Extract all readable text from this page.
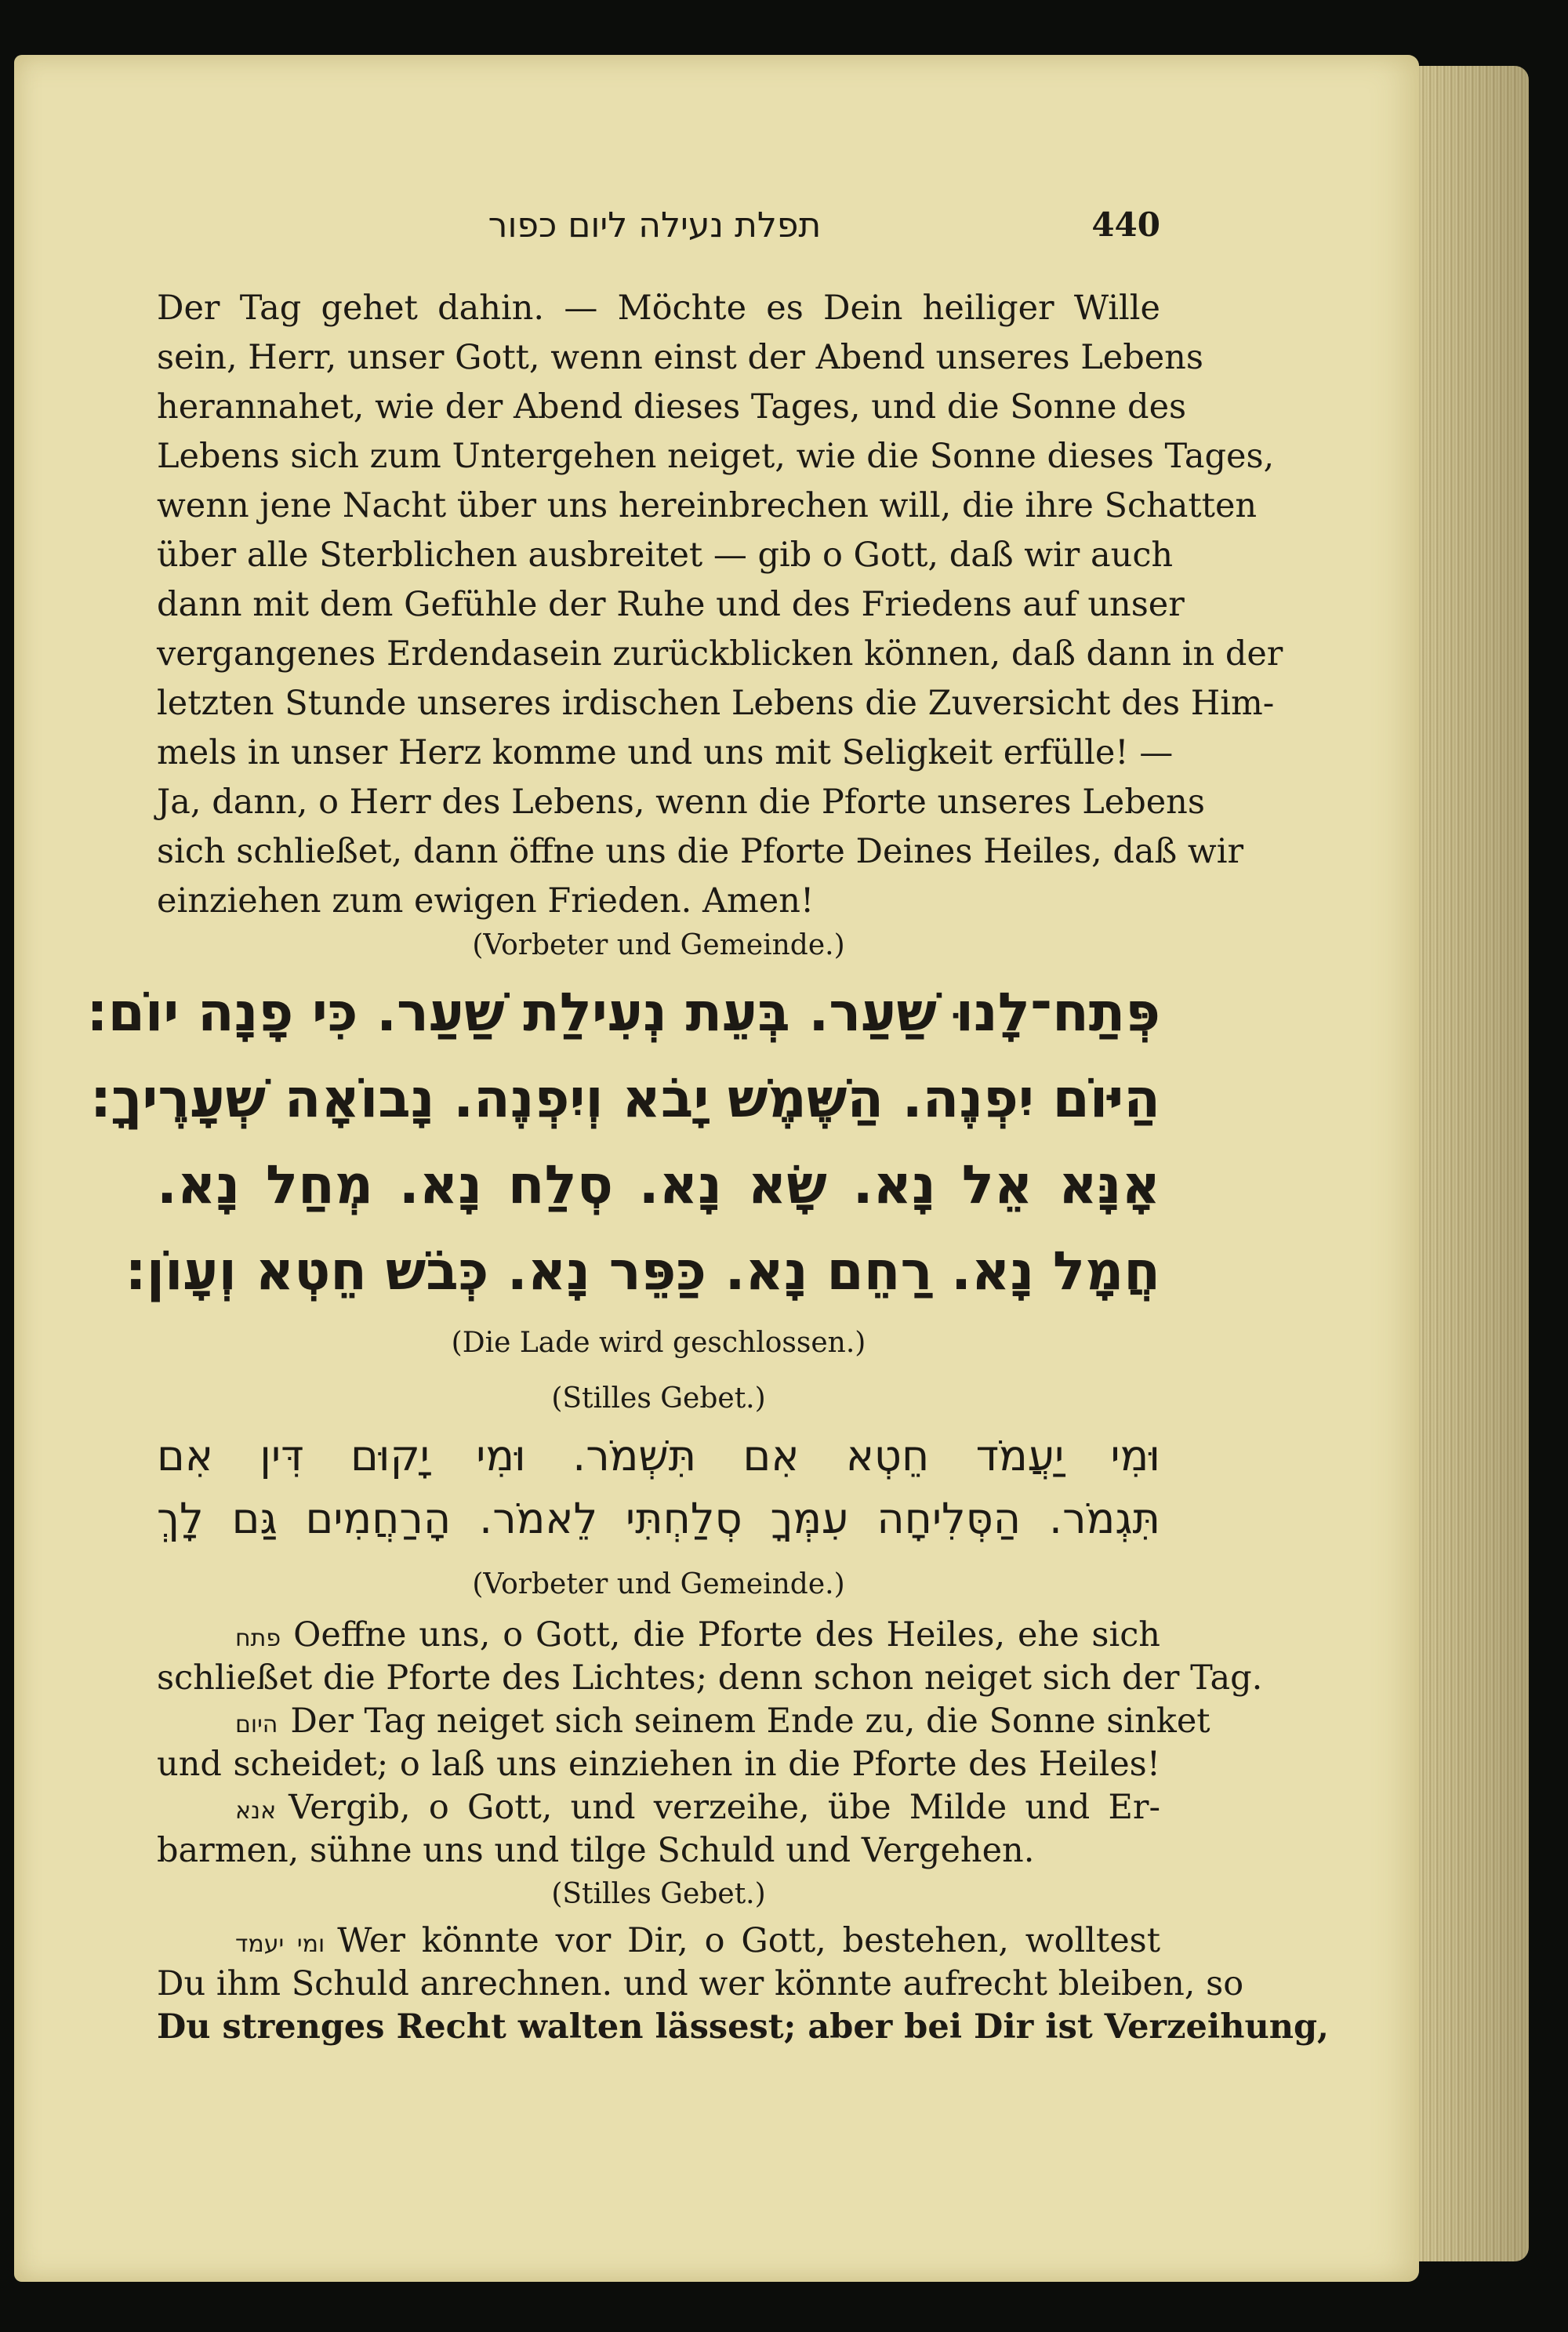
תפלת נעילה ליום כפור	440
Der Tag gehet dahin. — Möchte es Dein heiliger Wille
sein, Herr, unser Gott, wenn einst der Abend unseres Lebens
herannahet, wie der Abend dieses Tages, und die Sonne des
Lebens sich zum Untergehen neiget, wie die Sonne dieses Tages,
wenn jene Nacht über uns hereinbrechen will, die ihre Schatten
über alle Sterblichen ausbreitet — gib o Gott, daß wir auch
dann mit dem Gefühle der Ruhe und des Friedens auf unser
vergangenes Erdendasein zurückblicken können, daß dann in der
letzten Stunde unseres irdischen Lebens die Zuversicht des Him-
mels in unser Herz komme und uns mit Seligkeit erfülle! —
Ja, dann, o Herr des Lebens, wenn die Pforte unseres Lebens
sich schließet, dann öffne uns die Pforte Deines Heiles, daß wir
einziehen zum ewigen Frieden. Amen!
(Vorbeter und Gemeinde.)
פְּתַח־לָנוּ שַׁעַר. בְּעֵת נְעִילַת שַׁעַר. כִּי פָנָה יוֹם:
הַיּוֹם יִפְנֶה. הַשֶּׁמֶשׁ יָבֹא וְיִפְנֶה. נָבוֹאָה שְׁעָרֶיךָ:
אָנָּא אֵל נָא. שָׂא נָא. סְלַח נָא. מְחַל נָא.
חֲמָל נָא. רַחֵם נָא. כַּפֵּר נָא. כְּבֹשׁ חֵטְא וְעָוֹן:
(Die Lade wird geschlossen.)
(Stilles Gebet.)
וּמִי יַעֲמֹד חֵטְא אִם תִּשְׁמֹר. וּמִי יָקוּם דִּין אִם
תִּגְמֹר. הַסְּלִיחָה עִמְּךָ סְלַחְתִּי לֵאמֹר. הָרַחֲמִים גַּם לָךְ
(Vorbeter und Gemeinde.)
פתח Oeffne uns, o Gott, die Pforte des Heiles, ehe sich
schließet die Pforte des Lichtes; denn schon neiget sich der Tag.
היום Der Tag neiget sich seinem Ende zu, die Sonne sinket
und scheidet; o laß uns einziehen in die Pforte des Heiles!
אנא Vergib, o Gott, und verzeihe, übe Milde und Er-
barmen, sühne uns und tilge Schuld und Vergehen.
(Stilles Gebet.)
ומי יעמד Wer könnte vor Dir, o Gott, bestehen, wolltest
Du ihm Schuld anrechnen. und wer könnte aufrecht bleiben, so
Du strenges Recht walten lässest; aber bei Dir ist Verzeihung,
